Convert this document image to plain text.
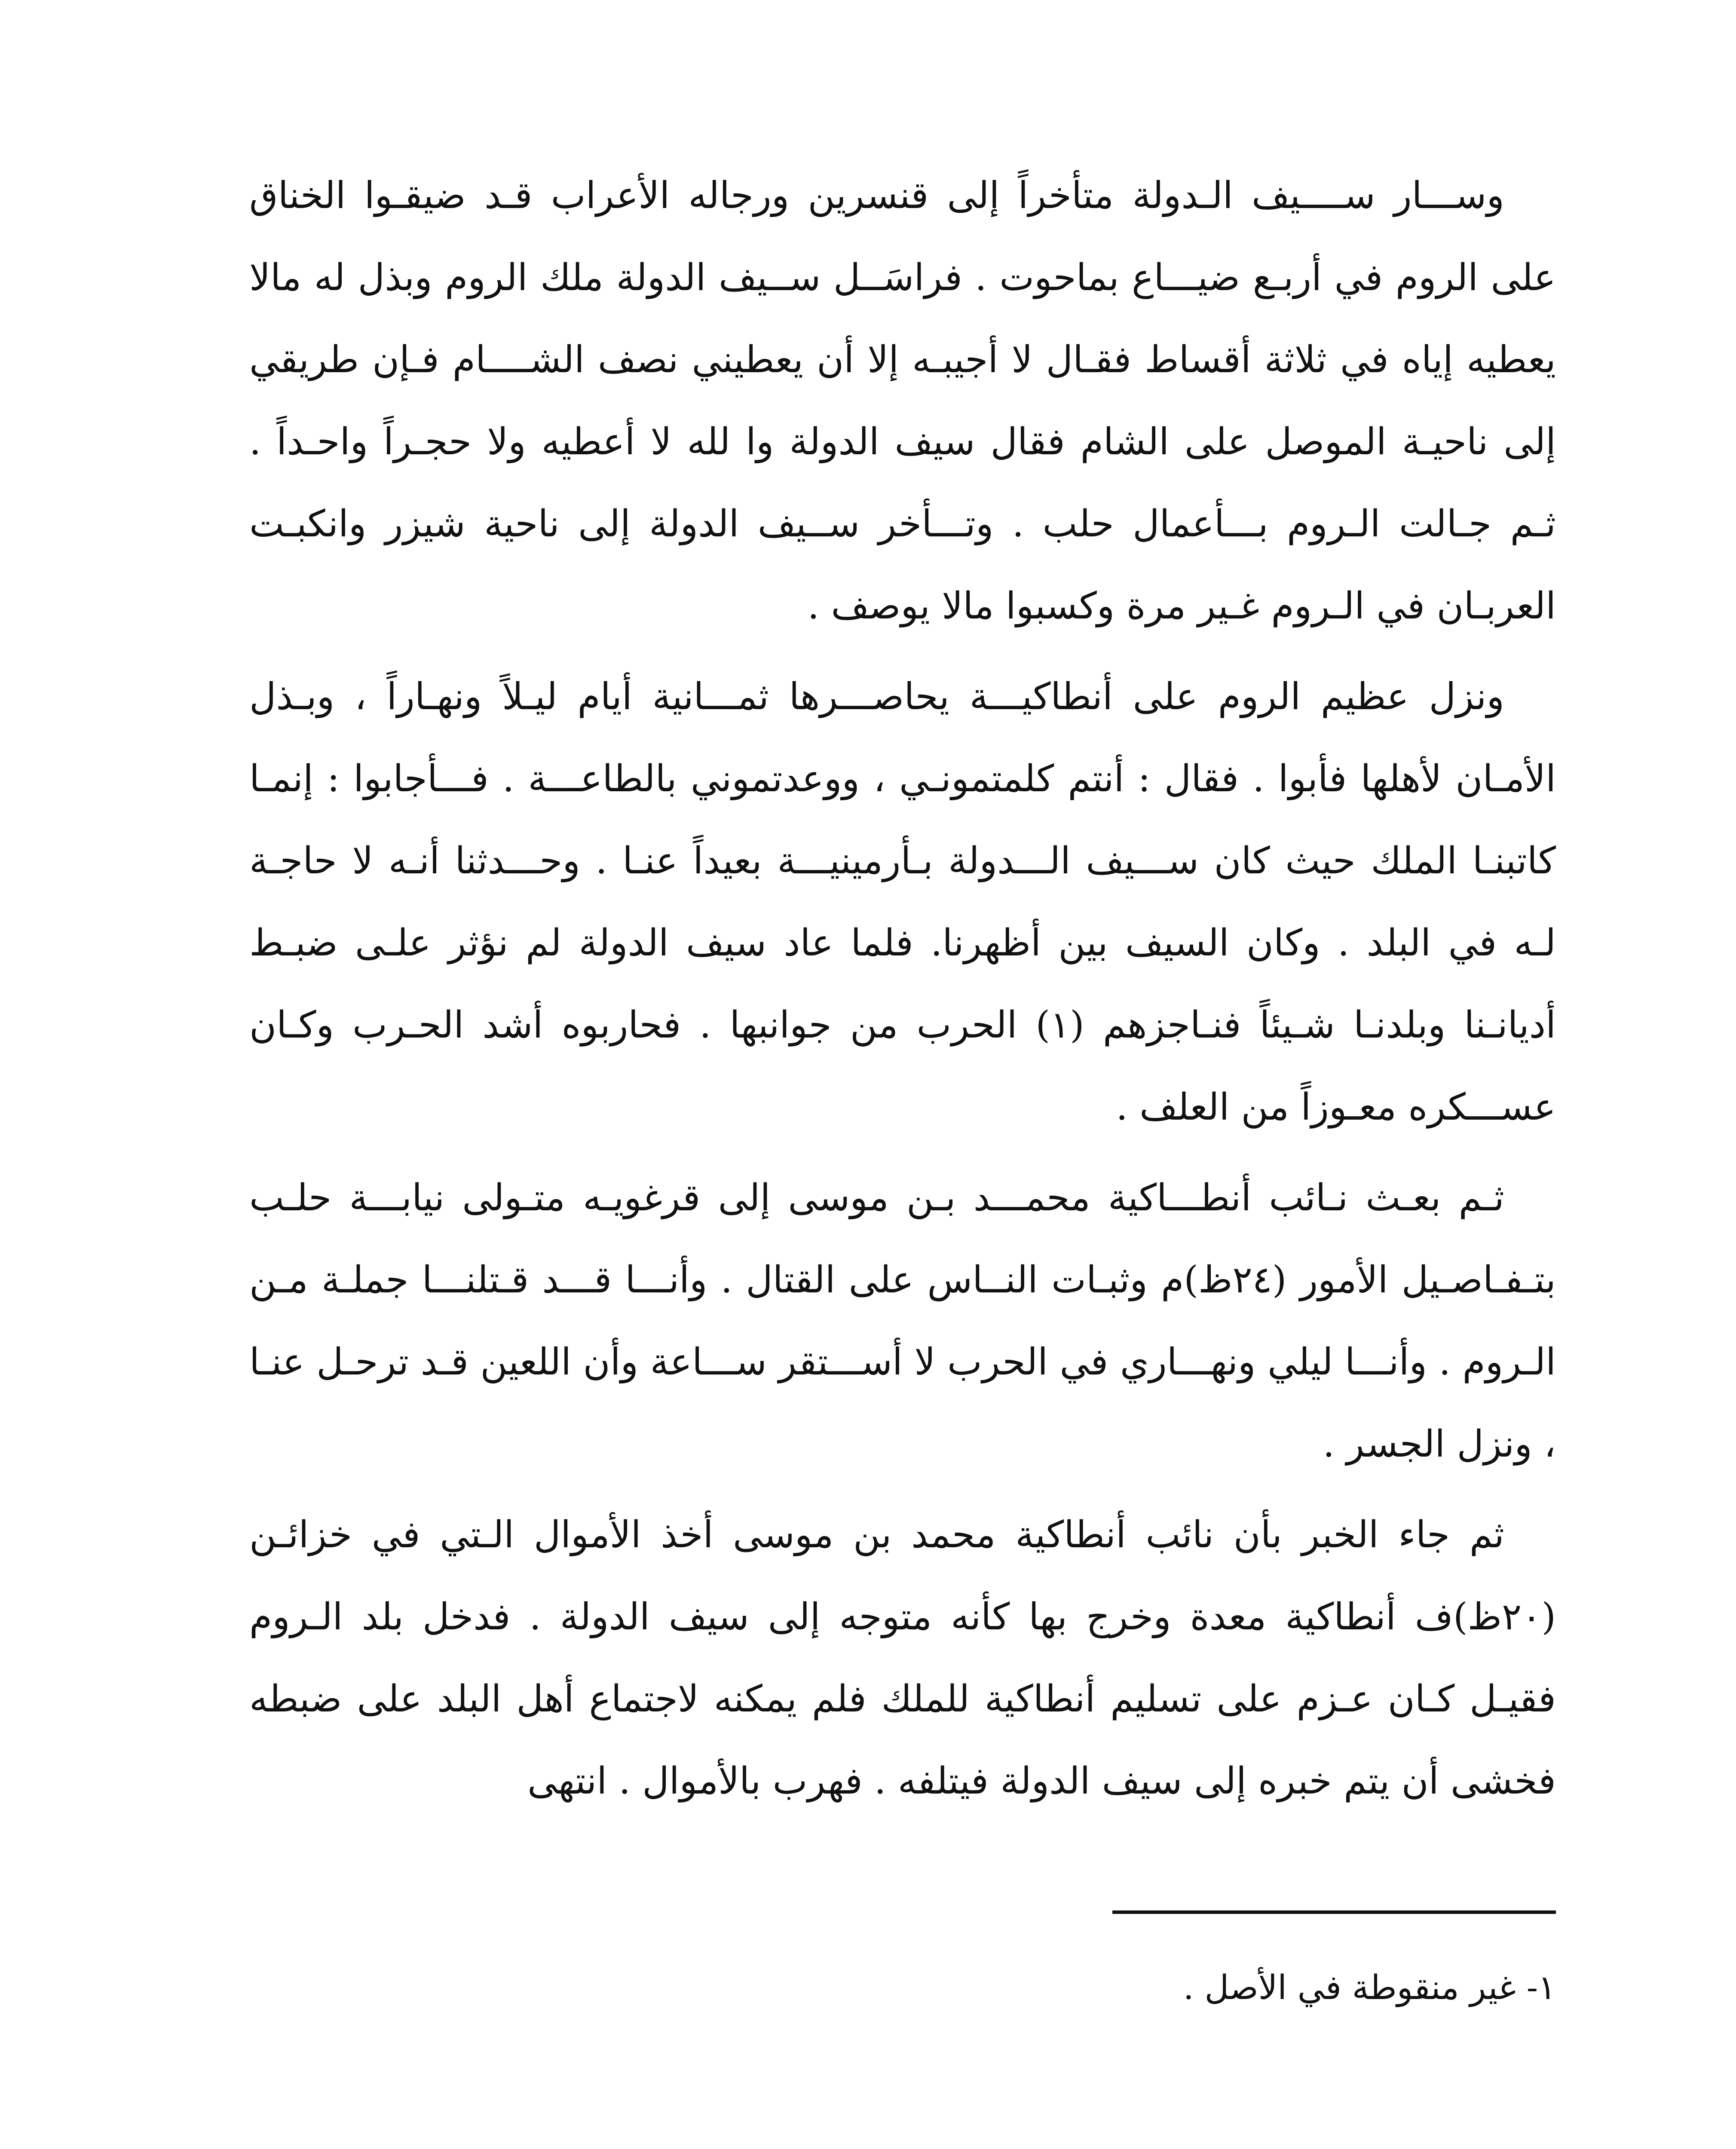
وســـار ســــيف الـدولة متأخراً إلى قنسرين ورجاله الأعراب قـد ضيقـوا الخناق على الروم في أربـع ضيـــاع بماحوت . فراسَــل ســيف الدولة ملك الروم وبذل له مالا يعطيه إياه في ثلاثة أقساط فقـال لا أجيبـه إلا أن يعطيني نصف الشــــام فـإن طريقي إلى ناحيـة الموصل على الشام فقال سيف الدولة وا لله لا أعطيه ولا حجـراً واحـداً . ثـم جـالت الـروم بـــأعمال حلب . وتـــأخر ســيف الدولة إلى ناحية شيزر وانكبـت العربـان في الـروم غـير مرة وكسبوا مالا يوصف .

ونزل عظيم الروم على أنطاكيـــة يحاصـــرها ثمـــانية أيام ليـلاً ونهـاراً ، وبـذل الأمـان لأهلها فأبوا . فقال : أنتم كلمتمونـي ، ووعدتموني بالطاعـــة . فـــأجابوا : إنمـا كاتبنـا الملك حيث كان ســـيف الـــدولة بـأرمينيـــة بعيداً عنـا . وحـــدثنا أنـه لا حاجـة لـه في البلد . وكان السيف بين أظهرنا. فلما عاد سيف الدولة لم نؤثر علـى ضبـط أديانـنا وبلدنـا شـيئاً فنـاجزهم (١) الحرب من جوانبها . فحاربوه أشد الحـرب وكـان عســـكره معـوزاً من العلف .

ثـم بعـث نـائب أنطـــاكية محمـــد بـن موسى إلى قرغويـه متـولى نيابـــة حلـب بتـفـاصـيل الأمور (٢٤ظ)م وثبـات النــاس على القتال . وأنـــا قـــد قـتلنـــا جملـة مـن الـروم . وأنـــا ليلي ونهـــاري في الحرب لا أســـتقر ســـاعة وأن اللعين قـد ترحـل عنـا ، ونزل الجسر .

ثم جاء الخبر بأن نائب أنطاكية محمد بن موسى أخذ الأموال الـتي في خزائـن (٢٠ظ)ف أنطاكية معدة وخرج بها كأنه متوجه إلى سيف الدولة . فدخل بلد الـروم فقيـل كـان عـزم على تسليم أنطاكية للملك فلم يمكنه لاجتماع أهل البلد على ضبطه فخشى أن يتم خبره إلى سيف الدولة فيتلفه . فهرب بالأموال . انتهى

١- غير منقوطة في الأصل .
